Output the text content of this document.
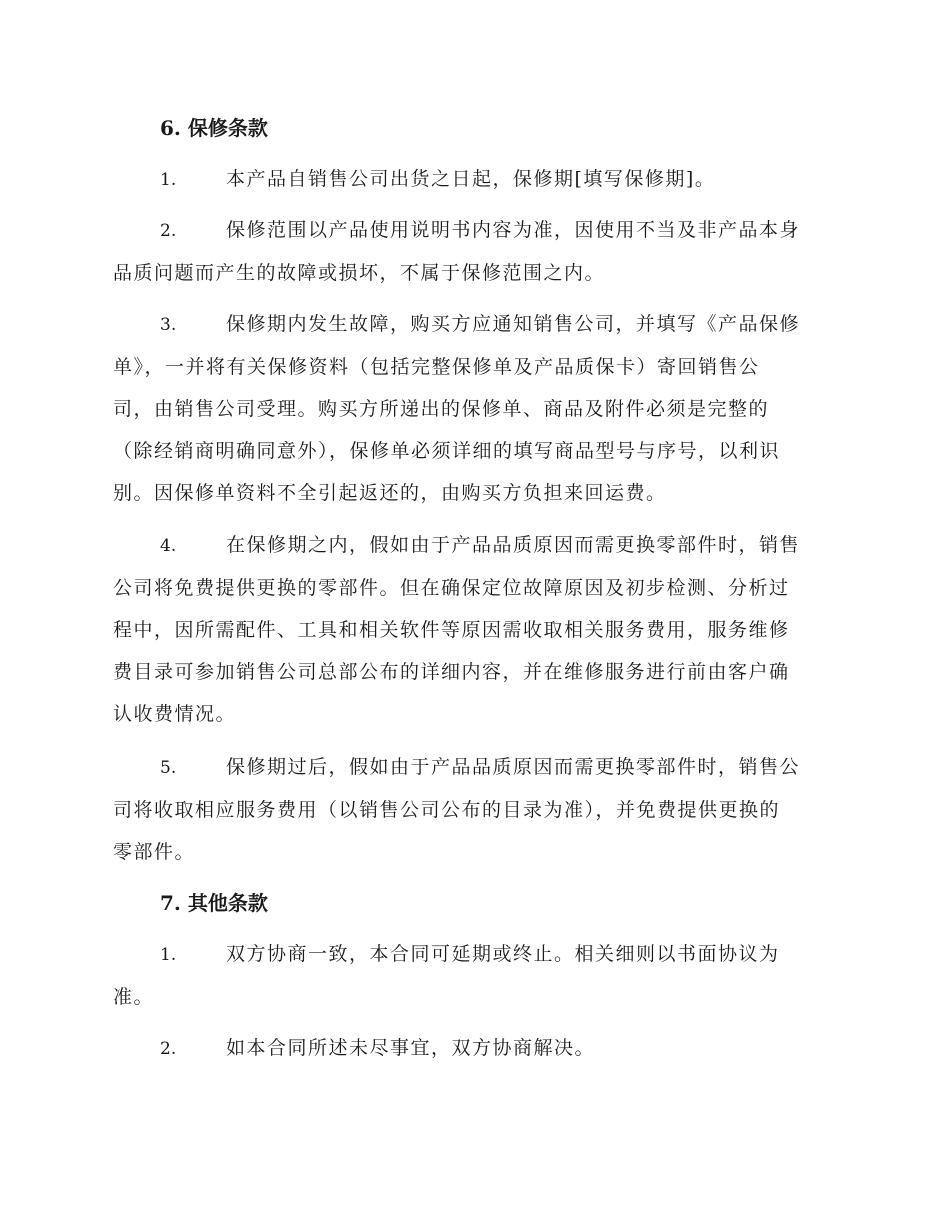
6. 保修条款
1.	本产品自销售公司出货之日起，保修期[填写保修期]。
2.	保修范围以产品使用说明书内容为准，因使用不当及非产品本身
品质问题而产生的故障或损坏，不属于保修范围之内。
3.	保修期内发生故障，购买方应通知销售公司，并填写《产品保修
单》，一并将有关保修资料（包括完整保修单及产品质保卡）寄回销售公
司，由销售公司受理。购买方所递出的保修单、商品及附件必须是完整的
（除经销商明确同意外），保修单必须详细的填写商品型号与序号，以利识
别。因保修单资料不全引起返还的，由购买方负担来回运费。
4.	在保修期之内，假如由于产品品质原因而需更换零部件时，销售
公司将免费提供更换的零部件。但在确保定位故障原因及初步检测、分析过
程中，因所需配件、工具和相关软件等原因需收取相关服务费用，服务维修
费目录可参加销售公司总部公布的详细内容，并在维修服务进行前由客户确
认收费情况。
5.	保修期过后，假如由于产品品质原因而需更换零部件时，销售公
司将收取相应服务费用（以销售公司公布的目录为准），并免费提供更换的
零部件。
7. 其他条款
1.	双方协商一致，本合同可延期或终止。相关细则以书面协议为
准。
2.	如本合同所述未尽事宜，双方协商解决。
